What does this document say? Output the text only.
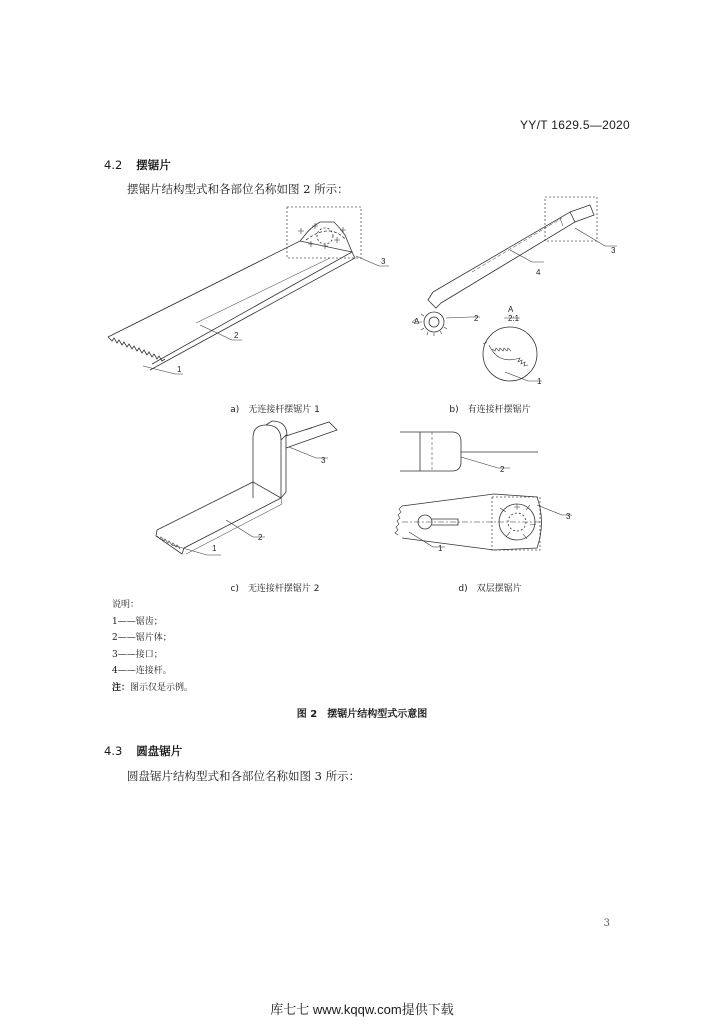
YY/T 1629.5—2020
4.2 摆锯片
摆锯片结构型式和各部位名称如图 2 所示：
1
2
3
4
3
2
1
A
A 2:1
3
2
1
2
1
3
a)　无连接杆摆锯片 1	b)　有连接杆摆锯片
c)　无连接杆摆锯片 2	d)　双层摆锯片
说明：
1——锯齿；
2——锯片体；
3——接口；
4——连接杆。
注：图示仅是示例。
图 2　摆锯片结构型式示意图
4.3 圆盘锯片
圆盘锯片结构型式和各部位名称如图 3 所示：
3
库七七 www.kqqw.com提供下载
